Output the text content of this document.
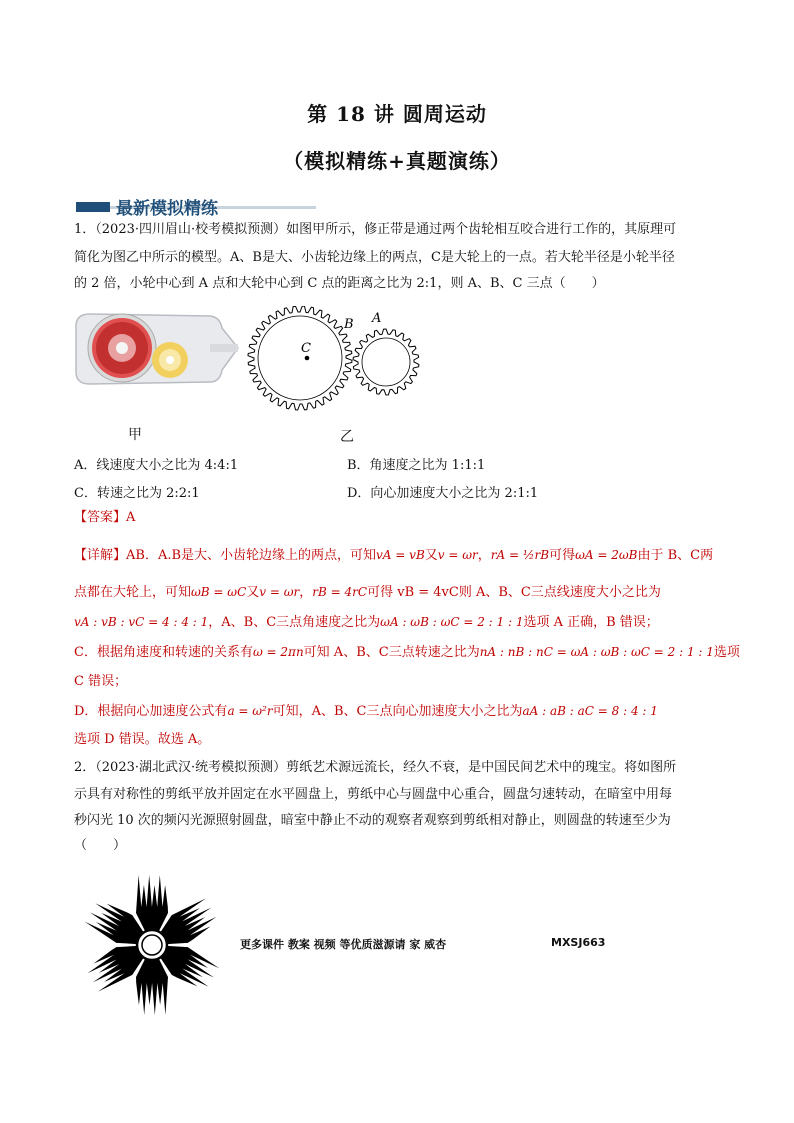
第 18 讲 圆周运动
（模拟精练+真题演练）
最新模拟精练
1．（2023·四川眉山·校考模拟预测）如图甲所示，修正带是通过两个齿轮相互咬合进行工作的，其原理可
简化为图乙中所示的模型。A、B是大、小齿轮边缘上的两点，C是大轮上的一点。若大轮半径是小轮半径
的 2 倍，小轮中心到 A 点和大轮中心到 C 点的距离之比为 2:1，则 A、B、C 三点（　　）
C
B A
甲	乙
A．线速度大小之比为 4:4:1	B．角速度之比为 1:1:1
C．转速之比为 2:2:1	D．向心加速度大小之比为 2:1:1
【答案】A
【详解】AB．A.B是大、小齿轮边缘上的两点，可知vA = vB又v = ωr，rA = ½rB可得ωA = 2ωB由于 B、C两
点都在大轮上，可知ωB = ωC又v = ωr，rB = 4rC可得 vB = 4vC则 A、B、C三点线速度大小之比为
vA : vB : vC = 4 : 4 : 1，A、B、C三点角速度之比为ωA : ωB : ωC = 2 : 1 : 1选项 A 正确，B 错误；
C．根据角速度和转速的关系有ω = 2πn可知 A、B、C三点转速之比为nA : nB : nC = ωA : ωB : ωC = 2 : 1 : 1选项
C 错误；
D．根据向心加速度公式有a = ω²r可知，A、B、C三点向心加速度大小之比为aA : aB : aC = 8 : 4 : 1
选项 D 错误。故选 A。
2．（2023·湖北武汉·统考模拟预测）剪纸艺术源远流长，经久不衰，是中国民间艺术中的瑰宝。将如图所
示具有对称性的剪纸平放并固定在水平圆盘上，剪纸中心与圆盘中心重合，圆盘匀速转动，在暗室中用每
秒闪光 10 次的频闪光源照射圆盘，暗室中静止不动的观察者观察到剪纸相对静止，则圆盘的转速至少为
（　　）
更多课件 教案 视频 等优质滋源请 家 威杏	MXSJ663
